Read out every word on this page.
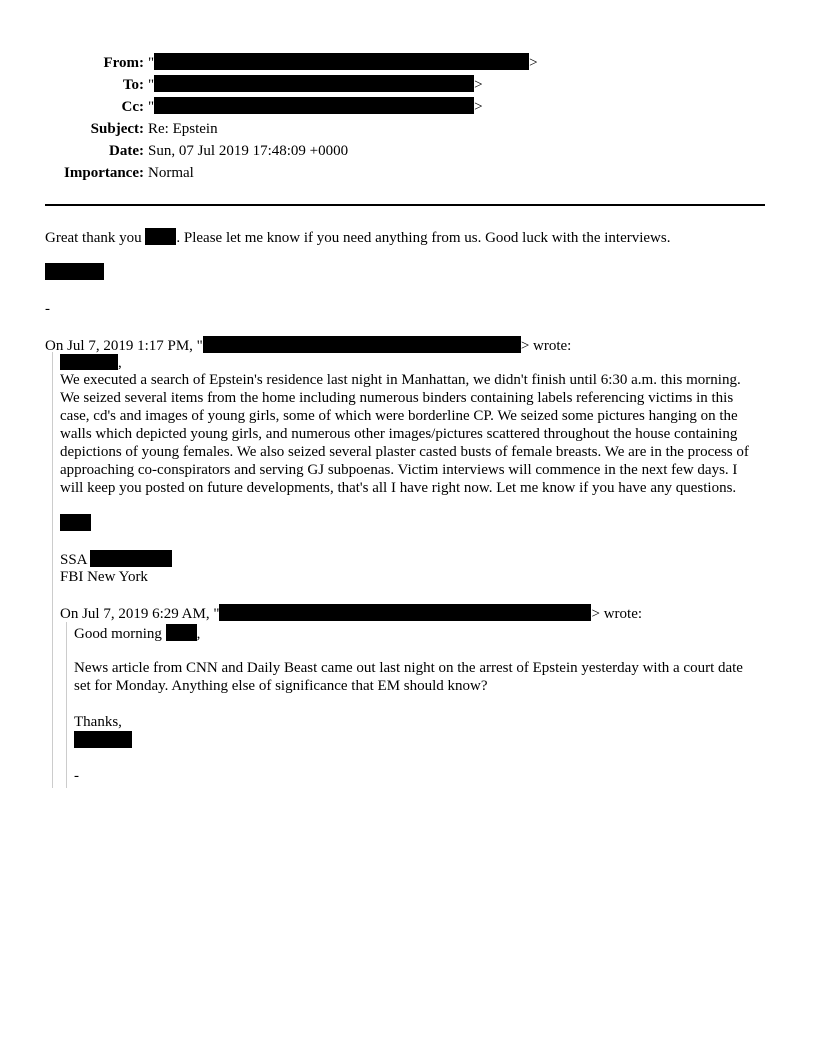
From: "	>
To: "	>
Cc: "	>
Subject: Re: Epstein
Date: Sun, 07 Jul 2019 17:48:09 +0000
Importance: Normal
Great thank you . Please let me know if you need anything from us. Good luck with the interviews.
-
On Jul 7, 2019 1:17 PM, "	> wrote:
,

We executed a search of Epstein's residence last night in Manhattan, we didn't finish until 6:30 a.m. this morning. We seized several items from the home including numerous binders containing labels referencing victims in this case, cd's and images of young girls, some of which were borderline CP. We seized some pictures hanging on the walls which depicted young girls, and numerous other images/pictures scattered throughout the house containing depictions of young females. We also seized several plaster casted busts of female breasts. We are in the process of approaching co-conspirators and serving GJ subpoenas. Victim interviews will commence in the next few days. I will keep you posted on future developments, that's all I have right now. Let me know if you have any questions.

SSA
FBI New York
On Jul 7, 2019 6:29 AM, "	> wrote:
Good morning ,

News article from CNN and Daily Beast came out last night on the arrest of Epstein yesterday with a court date set for Monday. Anything else of significance that EM should know?

Thanks,
-
